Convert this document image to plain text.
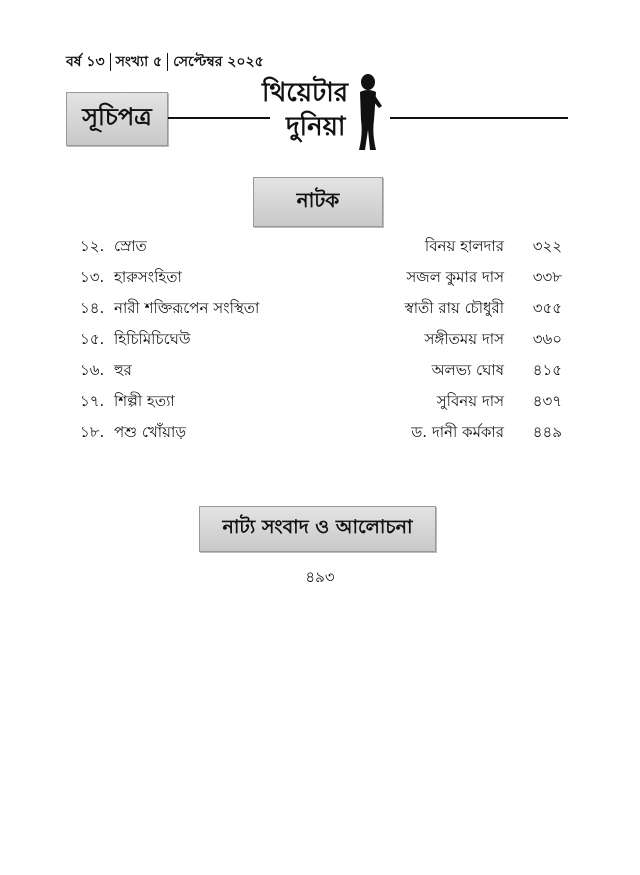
বর্ষ ১৩ সংখ্যা ৫ সেপ্টেম্বর ২০২৫
সূচিপত্র
থিয়েটার
দুনিয়া
নাটক
১২. স্রোত	বিনয় হালদার	৩২২
১৩. হারুসংহিতা	সজল কুমার দাস	৩৩৮
১৪. নারী শক্তিরূপেন সংস্থিতা	স্বাতী রায় চৌধুরী	৩৫৫
১৫. হিচিমিচিঘেউ	সঙ্গীতময় দাস	৩৬০
১৬. হুর	অলভ্য ঘোষ	৪১৫
১৭. শিল্পী হত্যা	সুবিনয় দাস	৪৩৭
১৮. পশু খোঁয়াড়	ড. দানী কর্মকার	৪৪৯
নাট্য সংবাদ ও আলোচনা
৪৯৩
